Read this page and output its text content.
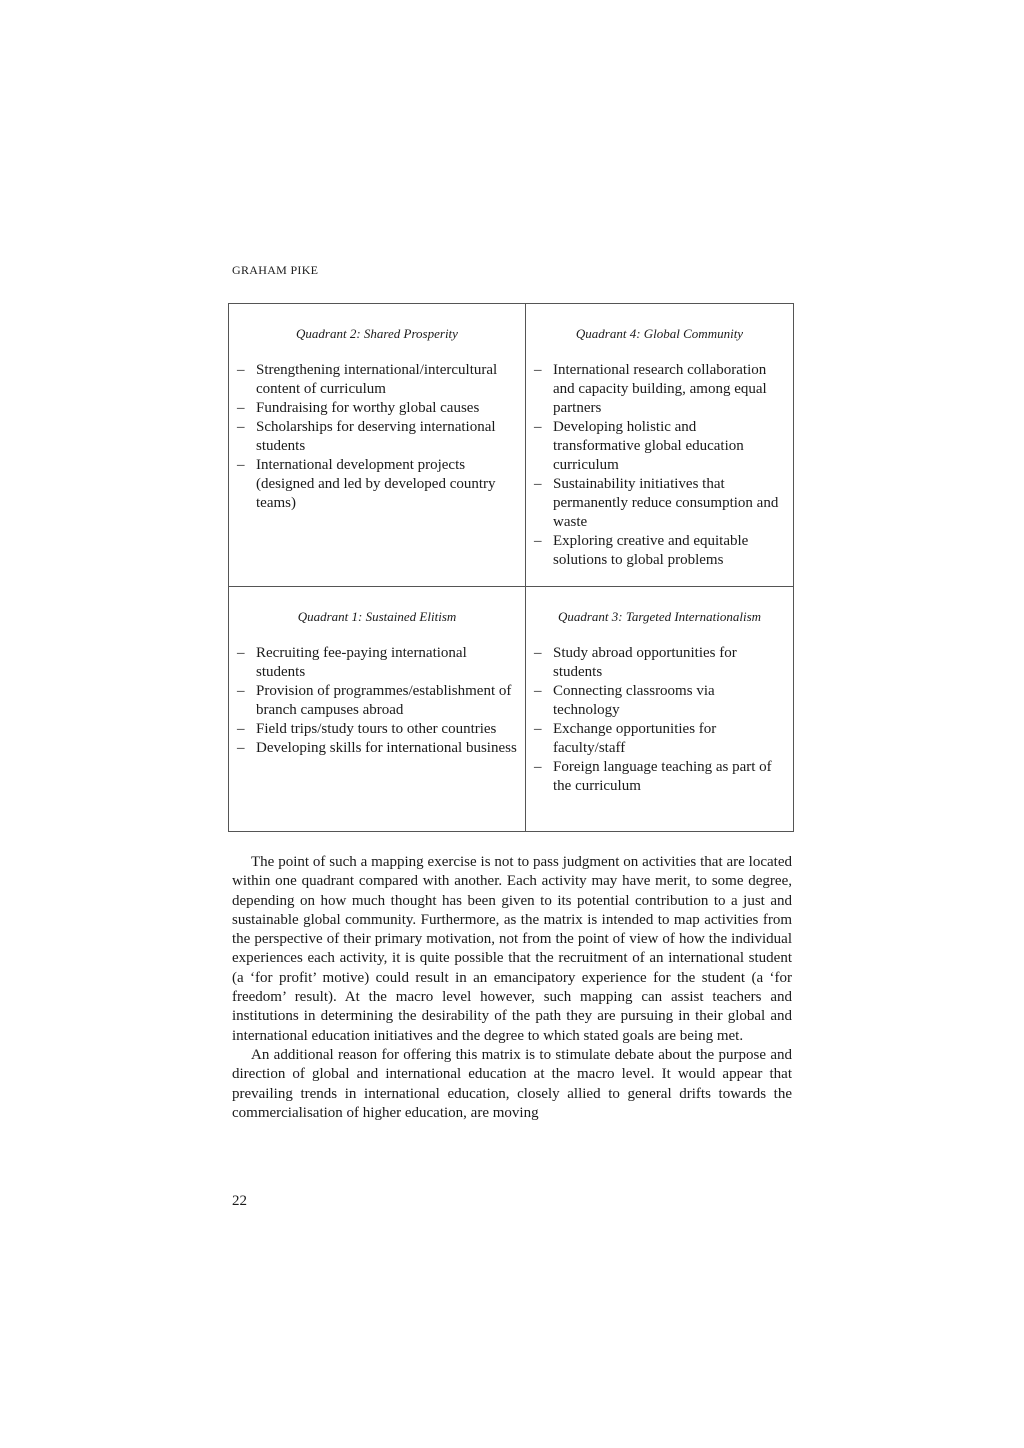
GRAHAM PIKE
Quadrant 2: Shared Prosperity
– Strengthening international/intercultural content of curriculum
– Fundraising for worthy global causes
– Scholarships for deserving international students
– International development projects (designed and led by developed country teams)
Quadrant 4: Global Community
– International research collaboration and capacity building, among equal partners
– Developing holistic and transformative global education curriculum
– Sustainability initiatives that permanently reduce consumption and waste
– Exploring creative and equitable solutions to global problems
Quadrant 1: Sustained Elitism
– Recruiting fee-paying international students
– Provision of programmes/establishment of branch campuses abroad
– Field trips/study tours to other countries
– Developing skills for international business
Quadrant 3: Targeted Internationalism
– Study abroad opportunities for students
– Connecting classrooms via technology
– Exchange opportunities for faculty/staff
– Foreign language teaching as part of the curriculum

The point of such a mapping exercise is not to pass judgment on activities that are located within one quadrant compared with another. Each activity may have merit, to some degree, depending on how much thought has been given to its potential contribution to a just and sustainable global community. Furthermore, as the matrix is intended to map activities from the perspective of their primary motivation, not from the point of view of how the individual experiences each activity, it is quite possible that the recruitment of an international student (a ‘for profit’ motive) could result in an emancipatory experience for the student (a ‘for freedom’ result). At the macro level however, such mapping can assist teachers and institutions in determining the desirability of the path they are pursuing in their global and international education initiatives and the degree to which stated goals are being met.

An additional reason for offering this matrix is to stimulate debate about the purpose and direction of global and international education at the macro level. It would appear that prevailing trends in international education, closely allied to general drifts towards the commercialisation of higher education, are moving

22
